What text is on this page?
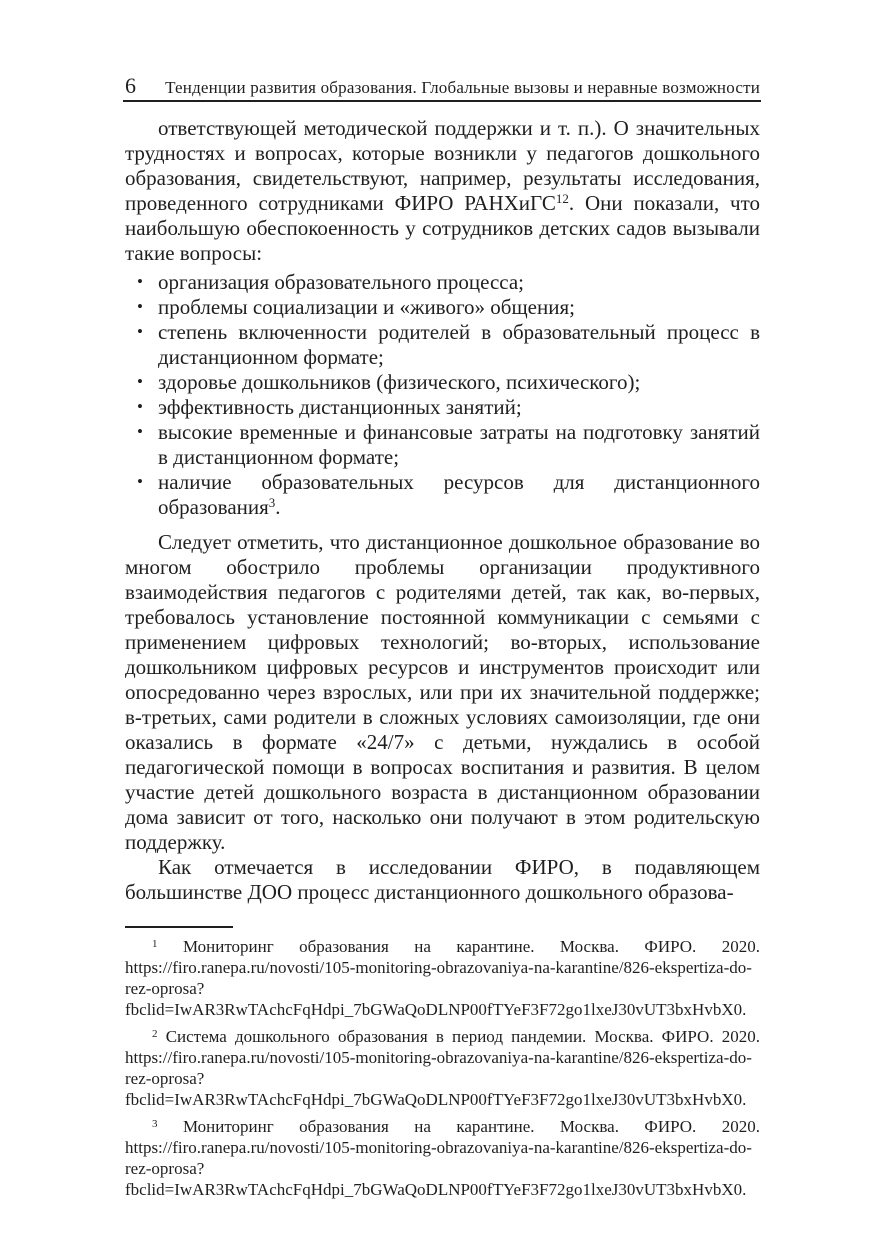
6 Тенденции развития образования. Глобальные вызовы и неравные возможности

ответствующей методической поддержки и т. п.). О значительных трудностях и вопросах, которые возникли у педагогов дошкольного образования, свидетельствуют, например, результаты исследования, проведенного сотрудниками ФИРО РАНХиГС$^{12}$. Они показали, что наибольшую обеспокоенность у сотрудников детских садов вызывали такие вопросы:

• организация образовательного процесса;
• проблемы социализации и «живого» общения;
• степень включенности родителей в образовательный процесс в дистанционном формате;
• здоровье дошкольников (физического, психического);
• эффективность дистанционных занятий;
• высокие временные и финансовые затраты на подготовку занятий в дистанционном формате;
• наличие образовательных ресурсов для дистанционного образования$^3$.

Следует отметить, что дистанционное дошкольное образование во многом обострило проблемы организации продуктивного взаимодействия педагогов с родителями детей, так как, во-первых, требовалось установление постоянной коммуникации с семьями с применением цифровых технологий; во-вторых, использование дошкольником цифровых ресурсов и инструментов происходит или опосредованно через взрослых, или при их значительной поддержке; в-третьих, сами родители в сложных условиях самоизоляции, где они оказались в формате «24/7» с детьми, нуждались в особой педагогической помощи в вопросах воспитания и развития. В целом участие детей дошкольного возраста в дистанционном образовании дома зависит от того, насколько они получают в этом родительскую поддержку.

Как отмечается в исследовании ФИРО, в подавляющем большинстве ДОО процесс дистанционного дошкольного образова-

$^1$ Мониторинг образования на карантине. Москва. ФИРО. 2020. https://firo.ranepa.ru/novosti/105-monitoring-obrazovaniya-na-karantine/826-ekspertiza-do-rez-oprosa?fbclid=IwAR3RwTAchcFqHdpi_7bGWaQoDLNP00fTYeF3F72go1lxeJ30vUT3bxHvbX0.

$^2$ Система дошкольного образования в период пандемии. Москва. ФИРО. 2020. https://firo.ranepa.ru/novosti/105-monitoring-obrazovaniya-na-karantine/826-ekspertiza-do-rez-oprosa?fbclid=IwAR3RwTAchcFqHdpi_7bGWaQoDLNP00fTYeF3F72go1lxeJ30vUT3bxHvbX0.

$^3$ Мониторинг образования на карантине. Москва. ФИРО. 2020. https://firo.ranepa.ru/novosti/105-monitoring-obrazovaniya-na-karantine/826-ekspertiza-do-rez-oprosa?fbclid=IwAR3RwTAchcFqHdpi_7bGWaQoDLNP00fTYeF3F72go1lxeJ30vUT3bxHvbX0.
